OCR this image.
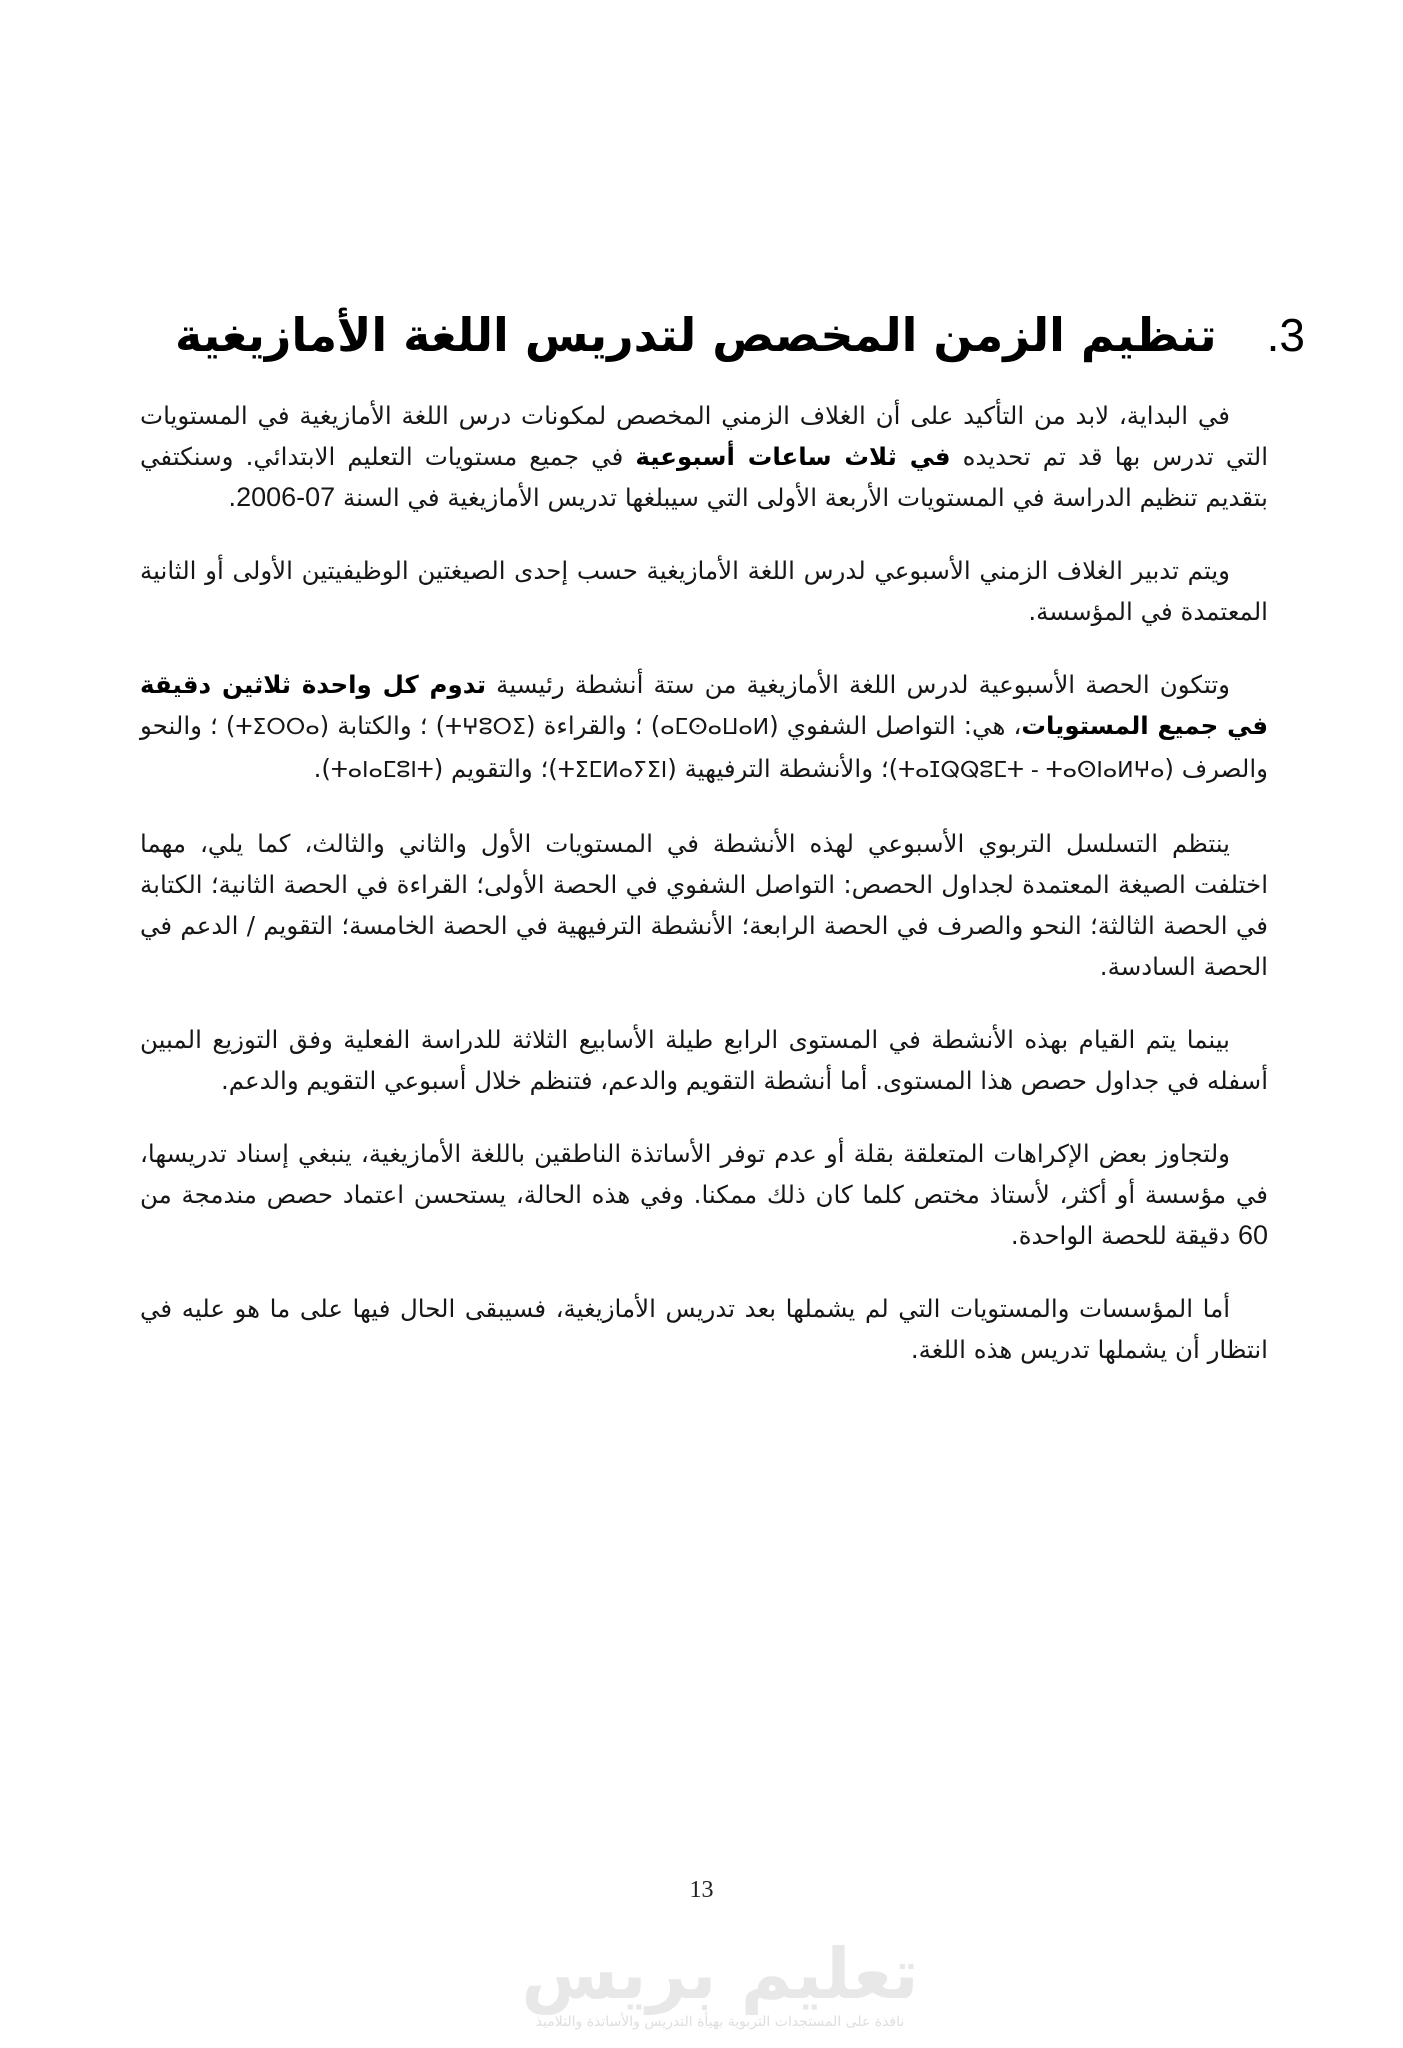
3.تنظيم الزمن المخصص لتدريس اللغة الأمازيغية

في البداية، لابد من التأكيد على أن الغلاف الزمني المخصص لمكونات درس اللغة الأمازيغية في المستويات التي تدرس بها قد تم تحديده في ثلاث ساعات أسبوعية في جميع مستويات التعليم الابتدائي. وسنكتفي بتقديم تنظيم الدراسة في المستويات الأربعة الأولى التي سيبلغها تدريس الأمازيغية في السنة 2006-07.

ويتم تدبير الغلاف الزمني الأسبوعي لدرس اللغة الأمازيغية حسب إحدى الصيغتين الوظيفيتين الأولى أو الثانية المعتمدة في المؤسسة.

وتتكون الحصة الأسبوعية لدرس اللغة الأمازيغية من ستة أنشطة رئيسية تدوم كل واحدة ثلاثين دقيقة في جميع المستويات، هي: التواصل الشفوي (ⴰⵎⵙⴰⵡⴰⵍ) ؛ والقراءة (ⵜⵖⵓⵔⵉ) ؛ والكتابة (ⵜⵉⵔⵔⴰ) ؛ والنحو والصرف (ⵜⴰⵊⵕⵕⵓⵎⵜ - ⵜⴰⵙⵏⴰⵍⵖⴰ)؛ والأنشطة الترفيهية (ⵜⵉⵎⵍⴰⵢⵉⵏ)؛ والتقويم (ⵜⴰⵏⴰⵎⵓⵏⵜ).

ينتظم التسلسل التربوي الأسبوعي لهذه الأنشطة في المستويات الأول والثاني والثالث، كما يلي، مهما اختلفت الصيغة المعتمدة لجداول الحصص: التواصل الشفوي في الحصة الأولى؛ القراءة في الحصة الثانية؛ الكتابة في الحصة الثالثة؛ النحو والصرف في الحصة الرابعة؛ الأنشطة الترفيهية في الحصة الخامسة؛ التقويم / الدعم في الحصة السادسة.

بينما يتم القيام بهذه الأنشطة في المستوى الرابع طيلة الأسابيع الثلاثة للدراسة الفعلية وفق التوزيع المبين أسفله في جداول حصص هذا المستوى. أما أنشطة التقويم والدعم، فتنظم خلال أسبوعي التقويم والدعم.

ولتجاوز بعض الإكراهات المتعلقة بقلة أو عدم توفر الأساتذة الناطقين باللغة الأمازيغية، ينبغي إسناد تدريسها، في مؤسسة أو أكثر، لأستاذ مختص كلما كان ذلك ممكنا. وفي هذه الحالة، يستحسن اعتماد حصص مندمجة من 60 دقيقة للحصة الواحدة.

أما المؤسسات والمستويات التي لم يشملها بعد تدريس الأمازيغية، فسيبقى الحال فيها على ما هو عليه في انتظار أن يشملها تدريس هذه اللغة.

13
تعليم بريس
نافذة على المستجدات التربوية بهيأة التدريس والأساتذة والتلاميذ
